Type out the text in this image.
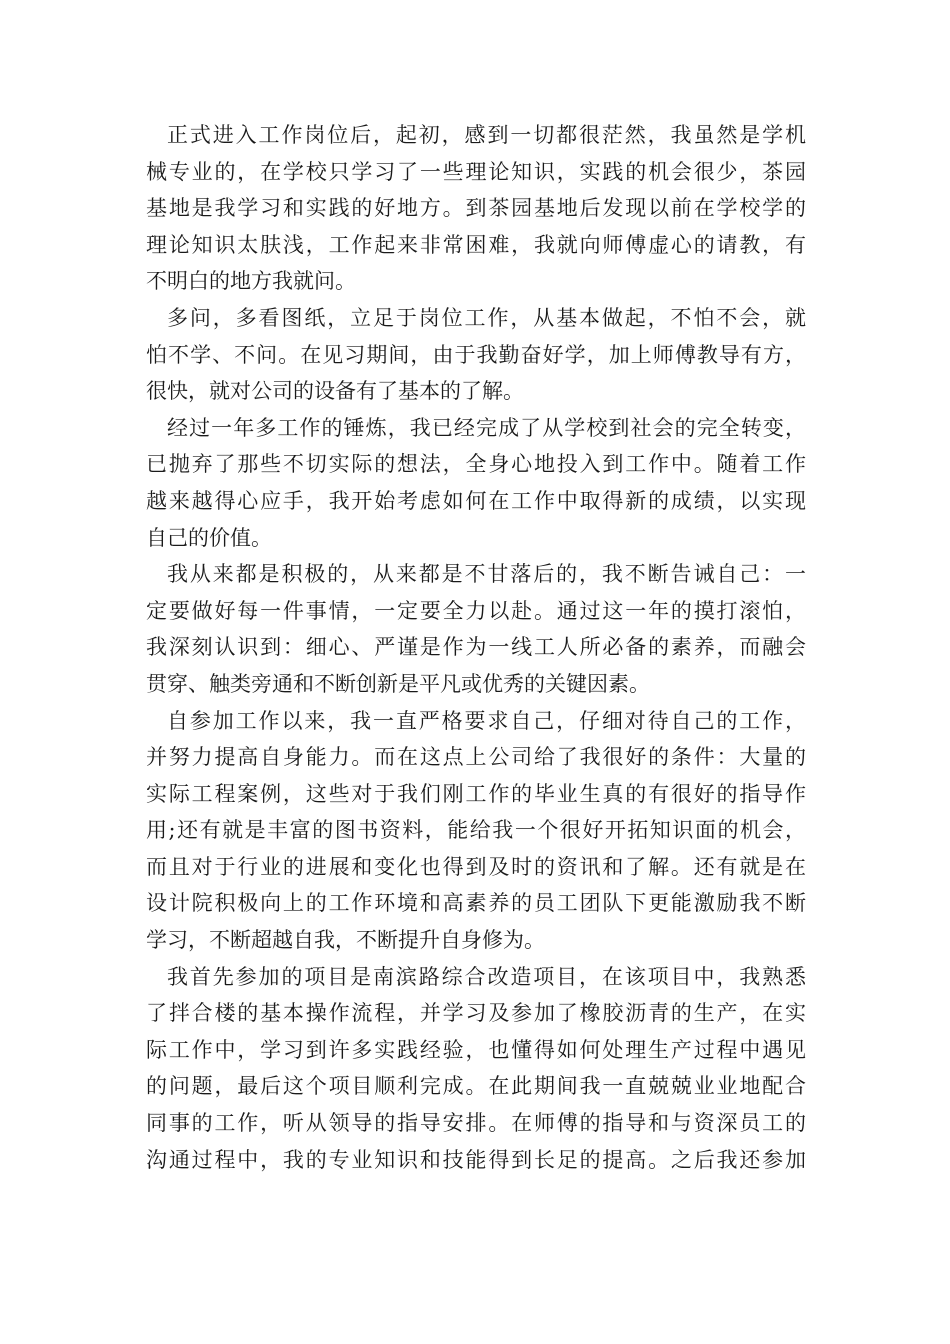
正式进入工作岗位后，起初，感到一切都很茫然，我虽然是学机
械专业的，在学校只学习了一些理论知识，实践的机会很少，茶园
基地是我学习和实践的好地方。到茶园基地后发现以前在学校学的
理论知识太肤浅，工作起来非常困难，我就向师傅虚心的请教，有
不明白的地方我就问。
多问，多看图纸，立足于岗位工作，从基本做起，不怕不会，就
怕不学、不问。在见习期间，由于我勤奋好学，加上师傅教导有方，
很快，就对公司的设备有了基本的了解。
经过一年多工作的锤炼，我已经完成了从学校到社会的完全转变，
已抛弃了那些不切实际的想法，全身心地投入到工作中。随着工作
越来越得心应手，我开始考虑如何在工作中取得新的成绩，以实现
自己的价值。
我从来都是积极的，从来都是不甘落后的，我不断告诫自己：一
定要做好每一件事情，一定要全力以赴。通过这一年的摸打滚怕，
我深刻认识到：细心、严谨是作为一线工人所必备的素养，而融会
贯穿、触类旁通和不断创新是平凡或优秀的关键因素。
自参加工作以来，我一直严格要求自己，仔细对待自己的工作，
并努力提高自身能力。而在这点上公司给了我很好的条件：大量的
实际工程案例，这些对于我们刚工作的毕业生真的有很好的指导作
用;还有就是丰富的图书资料，能给我一个很好开拓知识面的机会，
而且对于行业的进展和变化也得到及时的资讯和了解。还有就是在
设计院积极向上的工作环境和高素养的员工团队下更能激励我不断
学习，不断超越自我，不断提升自身修为。
我首先参加的项目是南滨路综合改造项目，在该项目中，我熟悉
了拌合楼的基本操作流程，并学习及参加了橡胶沥青的生产，在实
际工作中，学习到许多实践经验，也懂得如何处理生产过程中遇见
的问题，最后这个项目顺利完成。在此期间我一直兢兢业业地配合
同事的工作，听从领导的指导安排。在师傅的指导和与资深员工的
沟通过程中，我的专业知识和技能得到长足的提高。之后我还参加
